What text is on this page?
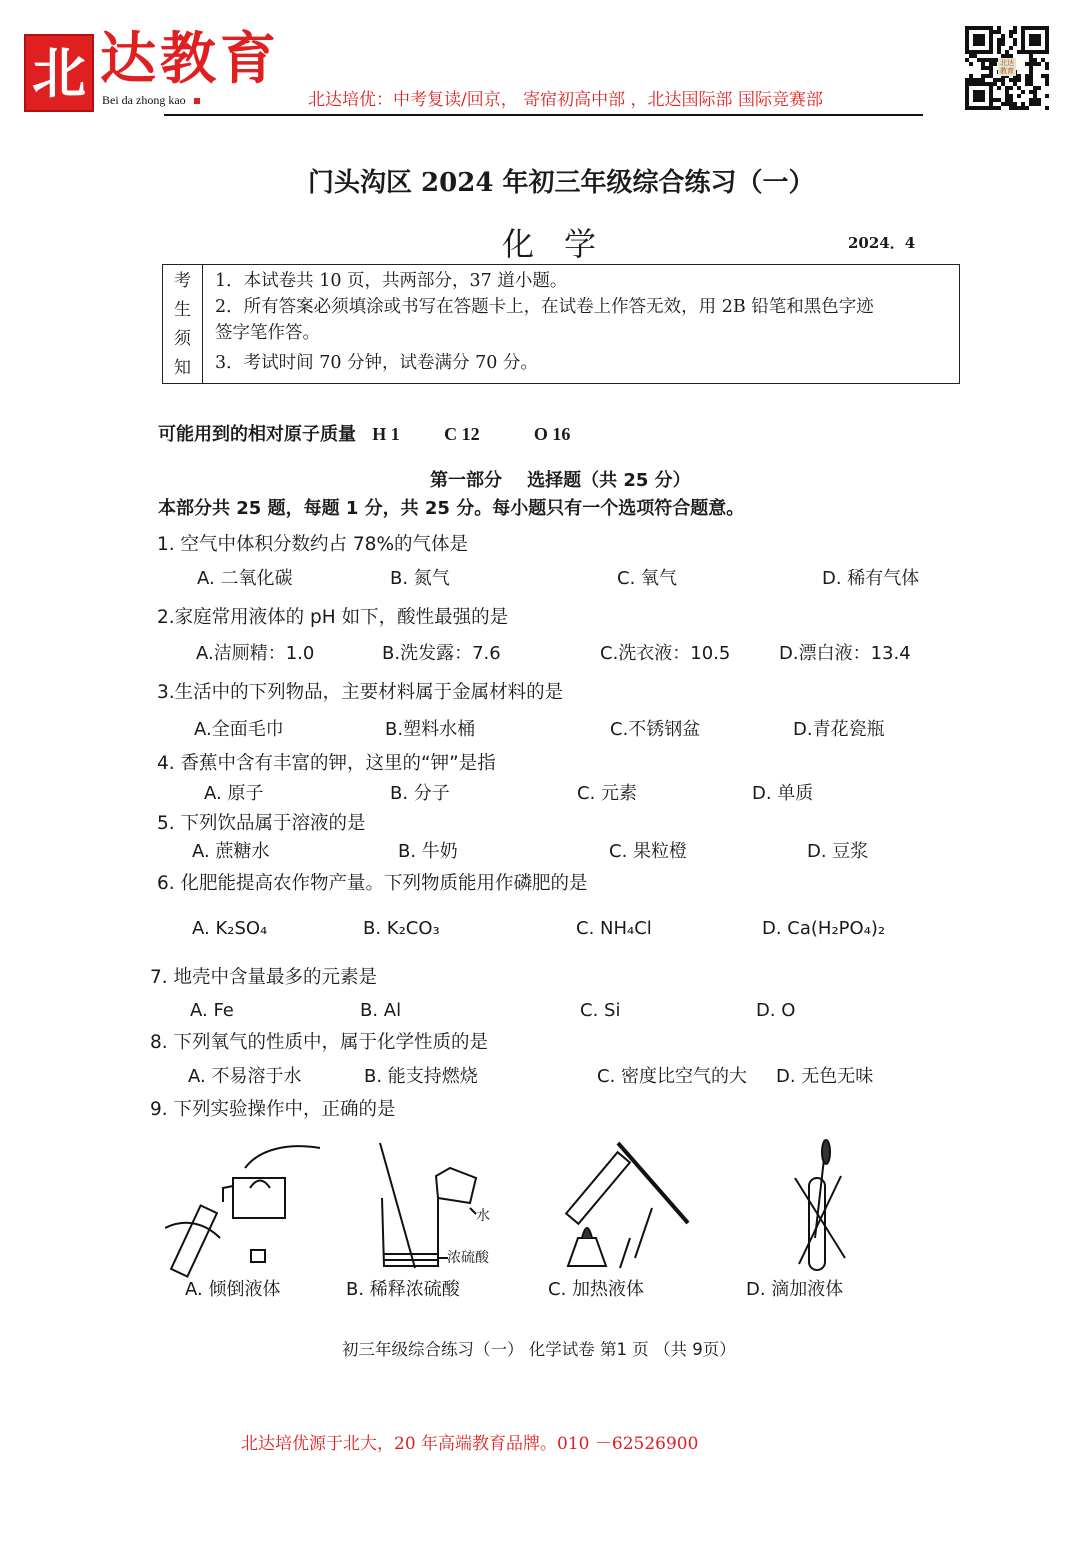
北 达教育
Bei da zhong kao	北达培优：中考复读/回京， 寄宿初高中部 ，北达国际部 国际竞赛部
北达教育
门头沟区 2024 年初三年级综合练习（一）
化学	2024．4
考
生
须
知
1．本试卷共 10 页，共两部分，37 道小题。
2．所有答案必须填涂或书写在答题卡上，在试卷上作答无效，用 2B 铅笔和黑色字迹
签字笔作答。
3．考试时间 70 分钟，试卷满分 70 分。
可能用到的相对原子质量 H 1 C 12	O 16
第一部分    选择题（共 25 分）
本部分共 25 题，每题 1 分，共 25 分。每小题只有一个选项符合题意。
1. 空气中体积分数约占 78%的气体是
A. 二氧化碳	B. 氮气	C. 氧气	D. 稀有气体
2.家庭常用液体的 pH 如下，酸性最强的是
A.洁厕精：1.0	B.洗发露：7.6	C.洗衣液：10.5	D.漂白液：13.4
3.生活中的下列物品，主要材料属于金属材料的是
A.全面毛巾	B.塑料水桶	C.不锈钢盆	D.青花瓷瓶
4. 香蕉中含有丰富的钾，这里的“钾”是指
A. 原子	B. 分子	C. 元素	D. 单质
5. 下列饮品属于溶液的是
A. 蔗糖水	B. 牛奶	C. 果粒橙	D. 豆浆
6. 化肥能提高农作物产量。下列物质能用作磷肥的是
A. K₂SO₄	B. K₂CO₃	C. NH₄Cl	D. Ca(H₂PO₄)₂
7. 地壳中含量最多的元素是
A. Fe	B. Al	C. Si	D. O
8. 下列氧气的性质中，属于化学性质的是
A. 不易溶于水	B. 能支持燃烧	C. 密度比空气的大 D. 无色无味
9. 下列实验操作中，正确的是
A. 倾倒液体	B. 稀释浓硫酸	C. 加热液体	D. 滴加液体
水
浓硫酸
初三年级综合练习（一） 化学试卷 第1 页 （共 9页）
北达培优源于北大，20 年高端教育品牌。010 －62526900
